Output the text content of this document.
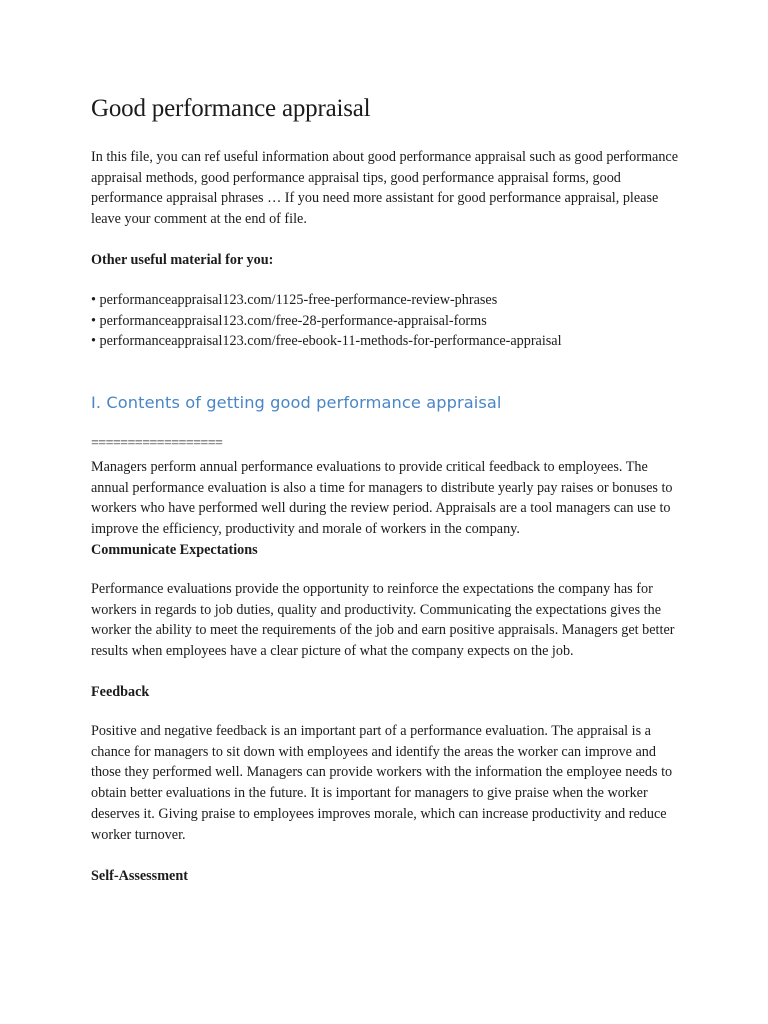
Good performance appraisal
In this file, you can ref useful information about good performance appraisal such as good performance appraisal methods, good performance appraisal tips, good performance appraisal forms, good performance appraisal phrases … If you need more assistant for good performance appraisal, please leave your comment at the end of file.
Other useful material for you:
• performanceappraisal123.com/1125-free-performance-review-phrases
• performanceappraisal123.com/free-28-performance-appraisal-forms
• performanceappraisal123.com/free-ebook-11-methods-for-performance-appraisal
I. Contents of getting good performance appraisal
==================
Managers perform annual performance evaluations to provide critical feedback to employees. The annual performance evaluation is also a time for managers to distribute yearly pay raises or bonuses to workers who have performed well during the review period. Appraisals are a tool managers can use to improve the efficiency, productivity and morale of workers in the company.
Communicate Expectations
Performance evaluations provide the opportunity to reinforce the expectations the company has for workers in regards to job duties, quality and productivity. Communicating the expectations gives the worker the ability to meet the requirements of the job and earn positive appraisals. Managers get better results when employees have a clear picture of what the company expects on the job.
Feedback
Positive and negative feedback is an important part of a performance evaluation. The appraisal is a chance for managers to sit down with employees and identify the areas the worker can improve and those they performed well. Managers can provide workers with the information the employee needs to obtain better evaluations in the future. It is important for managers to give praise when the worker deserves it. Giving praise to employees improves morale, which can increase productivity and reduce worker turnover.
Self-Assessment
